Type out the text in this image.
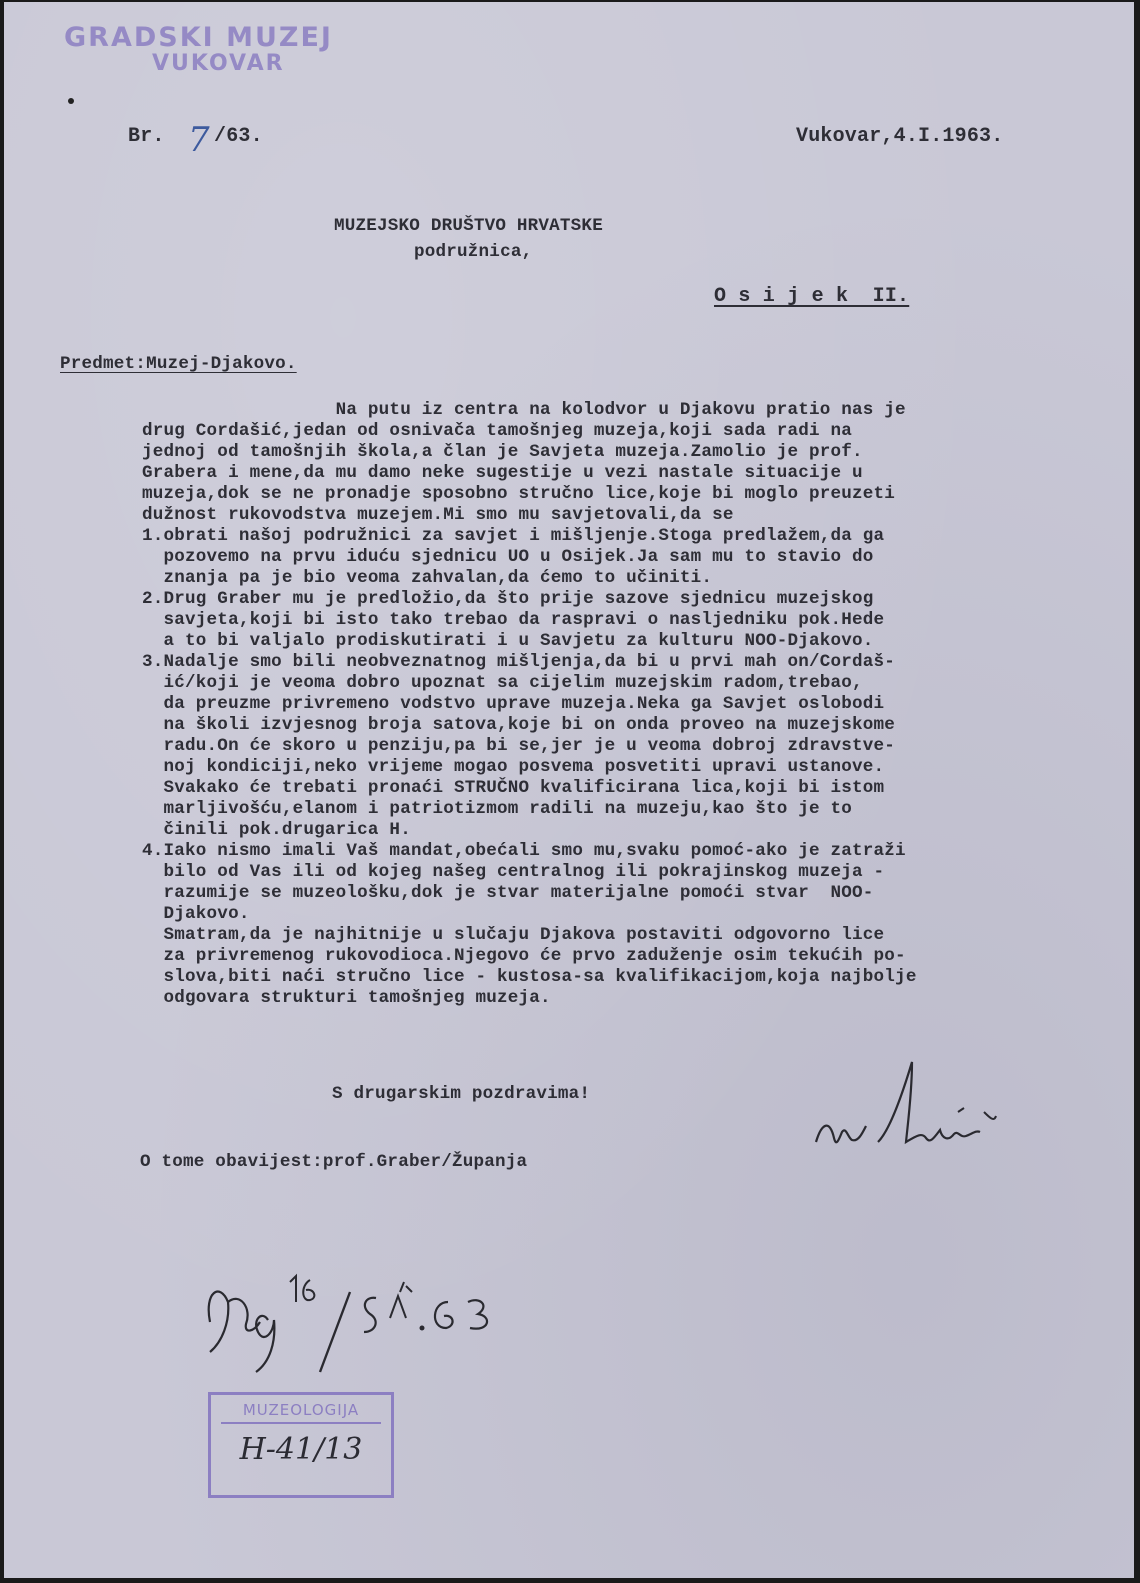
GRADSKI MUZEJ
VUKOVAR
Br. 7 /63.	Vukovar,4.I.1963.
MUZEJSKO DRUŠTVO HRVATSKE
podružnica,
O s i j e k  II.
Predmet:Muzej-Djakovo.
Na putu iz centra na kolodvor u Djakovu pratio nas je
drug Cordašić,jedan od osnivača tamošnjeg muzeja,koji sada radi na
jednoj od tamošnjih škola,a član je Savjeta muzeja.Zamolio je prof.
Grabera i mene,da mu damo neke sugestije u vezi nastale situacije u
muzeja,dok se ne pronadje sposobno stručno lice,koje bi moglo preuzeti
dužnost rukovodstva muzejem.Mi smo mu savjetovali,da se
1.obrati našoj podružnici za savjet i mišljenje.Stoga predlažem,da ga
pozovemo na prvu iduću sjednicu UO u Osijek.Ja sam mu to stavio do
znanja pa je bio veoma zahvalan,da ćemo to učiniti.
2.Drug Graber mu je predložio,da što prije sazove sjednicu muzejskog
savjeta,koji bi isto tako trebao da raspravi o nasljedniku pok.Hede
a to bi valjalo prodiskutirati i u Savjetu za kulturu NOO-Djakovo.
3.Nadalje smo bili neobveznatnog mišljenja,da bi u prvi mah on/Cordaš-
ić/koji je veoma dobro upoznat sa cijelim muzejskim radom,trebao,
da preuzme privremeno vodstvo uprave muzeja.Neka ga Savjet oslobodi
na školi izvjesnog broja satova,koje bi on onda proveo na muzejskome
radu.On će skoro u penziju,pa bi se,jer je u veoma dobroj zdravstve-
noj kondiciji,neko vrijeme mogao posvema posvetiti upravi ustanove.
Svakako će trebati pronaći STRUČNO kvalificirana lica,koji bi istom
marljivošću,elanom i patriotizmom radili na muzeju,kao što je to
činili pok.drugarica H.
4.Iako nismo imali Vaš mandat,obećali smo mu,svaku pomoć-ako je zatraži
bilo od Vas ili od kojeg našeg centralnog ili pokrajinskog muzeja -
razumije se muzeološku,dok je stvar materijalne pomoći stvar  NOO-
Djakovo.
Smatram,da je najhitnije u slučaju Djakova postaviti odgovorno lice
za privremenog rukovodioca.Njegovo će prvo zaduženje osim tekućih po-
slova,biti naći stručno lice - kustosa-sa kvalifikacijom,koja najbolje
odgovara strukturi tamošnjeg muzeja.
S drugarskim pozdravima!
O tome obavijest:prof.Graber/Županja
MUZEOLOGIJA
H-41/13
